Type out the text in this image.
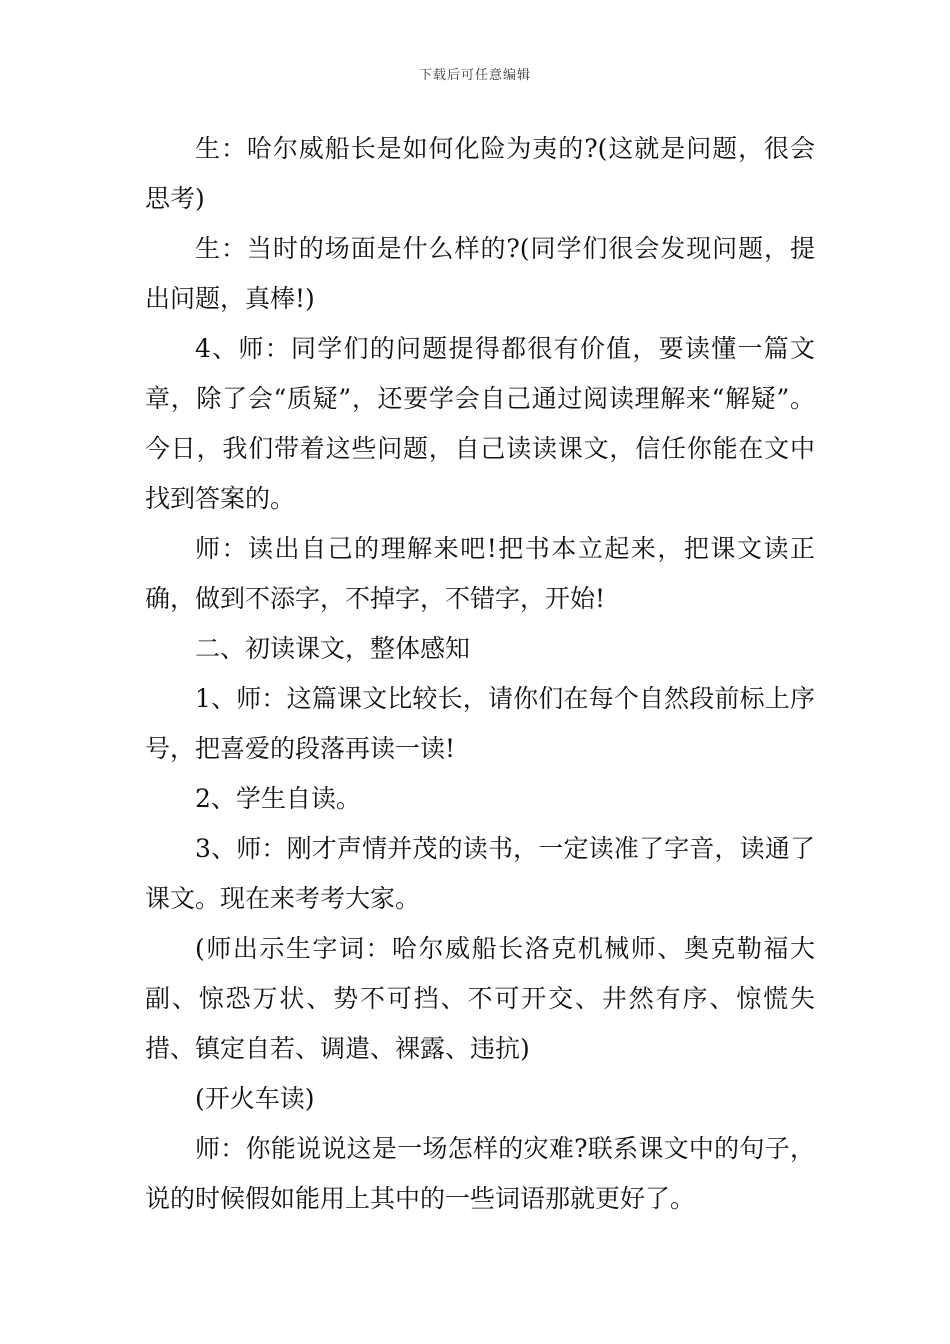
下载后可任意编辑

生：哈尔威船长是如何化险为夷的?(这就是问题，很会思考)

生：当时的场面是什么样的?(同学们很会发现问题，提出问题，真棒!)

4、师：同学们的问题提得都很有价值，要读懂一篇文章，除了会“质疑”，还要学会自己通过阅读理解来“解疑”。今日，我们带着这些问题，自己读读课文，信任你能在文中找到答案的。

师：读出自己的理解来吧!把书本立起来，把课文读正确，做到不添字，不掉字，不错字，开始!

二、初读课文，整体感知

1、师：这篇课文比较长，请你们在每个自然段前标上序号，把喜爱的段落再读一读!

2、学生自读。

3、师：刚才声情并茂的读书，一定读准了字音，读通了课文。现在来考考大家。

(师出示生字词：哈尔威船长洛克机械师、奥克勒福大副、惊恐万状、势不可挡、不可开交、井然有序、惊慌失措、镇定自若、调遣、裸露、违抗)

(开火车读)

师：你能说说这是一场怎样的灾难?联系课文中的句子，说的时候假如能用上其中的一些词语那就更好了。
